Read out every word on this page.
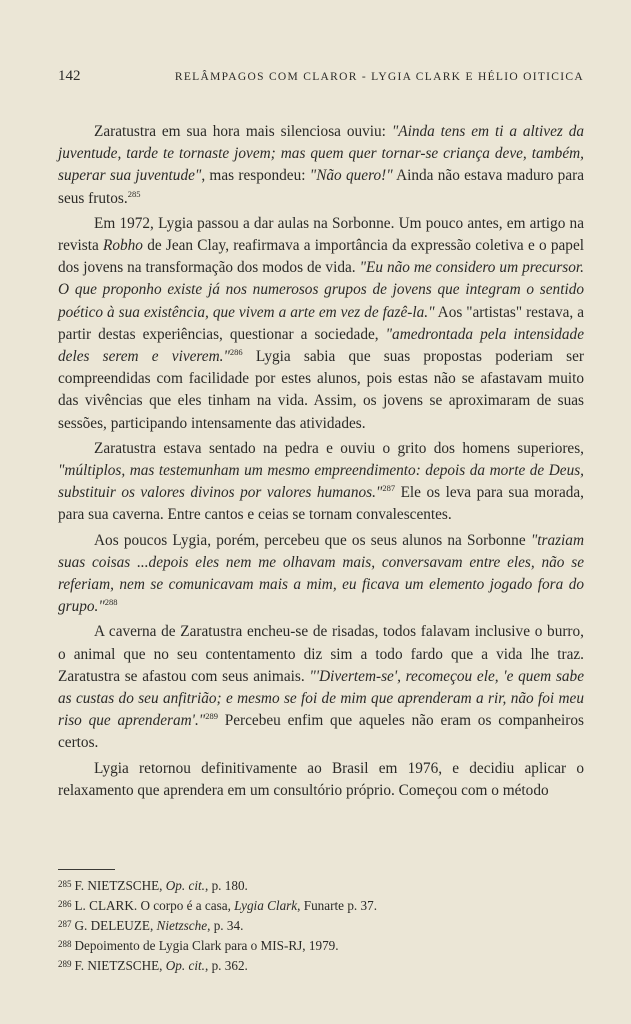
142	RELÂMPAGOS COM CLAROR - LYGIA CLARK E HÉLIO OITICICA

Zaratustra em sua hora mais silenciosa ouviu: "Ainda tens em ti a altivez da juventude, tarde te tornaste jovem; mas quem quer tornar-se criança deve, também, superar sua juventude", mas respondeu: "Não quero!" Ainda não estava maduro para seus frutos.$^{285}$

Em 1972, Lygia passou a dar aulas na Sorbonne. Um pouco antes, em artigo na revista Robho de Jean Clay, reafirmava a importância da expressão coletiva e o papel dos jovens na transformação dos modos de vida. "Eu não me considero um precursor. O que proponho existe já nos numerosos grupos de jovens que integram o sentido poético à sua existência, que vivem a arte em vez de fazê-la." Aos "artistas" restava, a partir destas experiências, questionar a sociedade, "amedrontada pela intensidade deles serem e viverem."$^{286}$ Lygia sabia que suas propostas poderiam ser compreendidas com facilidade por estes alunos, pois estas não se afastavam muito das vivências que eles tinham na vida. Assim, os jovens se aproximaram de suas sessões, participando intensamente das atividades.

Zaratustra estava sentado na pedra e ouviu o grito dos homens superiores, "múltiplos, mas testemunham um mesmo empreendimento: depois da morte de Deus, substituir os valores divinos por valores humanos."$^{287}$ Ele os leva para sua morada, para sua caverna. Entre cantos e ceias se tornam convalescentes.

Aos poucos Lygia, porém, percebeu que os seus alunos na Sorbonne "traziam suas coisas ...depois eles nem me olhavam mais, conversavam entre eles, não se referiam, nem se comunicavam mais a mim, eu ficava um elemento jogado fora do grupo."$^{288}$

A caverna de Zaratustra encheu-se de risadas, todos falavam inclusive o burro, o animal que no seu contentamento diz sim a todo fardo que a vida lhe traz. Zaratustra se afastou com seus animais. "'Divertem-se', recomeçou ele, 'e quem sabe as custas do seu anfitrião; e mesmo se foi de mim que aprenderam a rir, não foi meu riso que aprenderam'."$^{289}$ Percebeu enfim que aqueles não eram os companheiros certos.

Lygia retornou definitivamente ao Brasil em 1976, e decidiu aplicar o relaxamento que aprendera em um consultório próprio. Começou com o método

$^{285}$ F. NIETZSCHE, Op. cit., p. 180.
$^{286}$ L. CLARK. O corpo é a casa, Lygia Clark, Funarte p. 37.
$^{287}$ G. DELEUZE, Nietzsche, p. 34.
$^{288}$ Depoimento de Lygia Clark para o MIS-RJ, 1979.
$^{289}$ F. NIETZSCHE, Op. cit., p. 362.
